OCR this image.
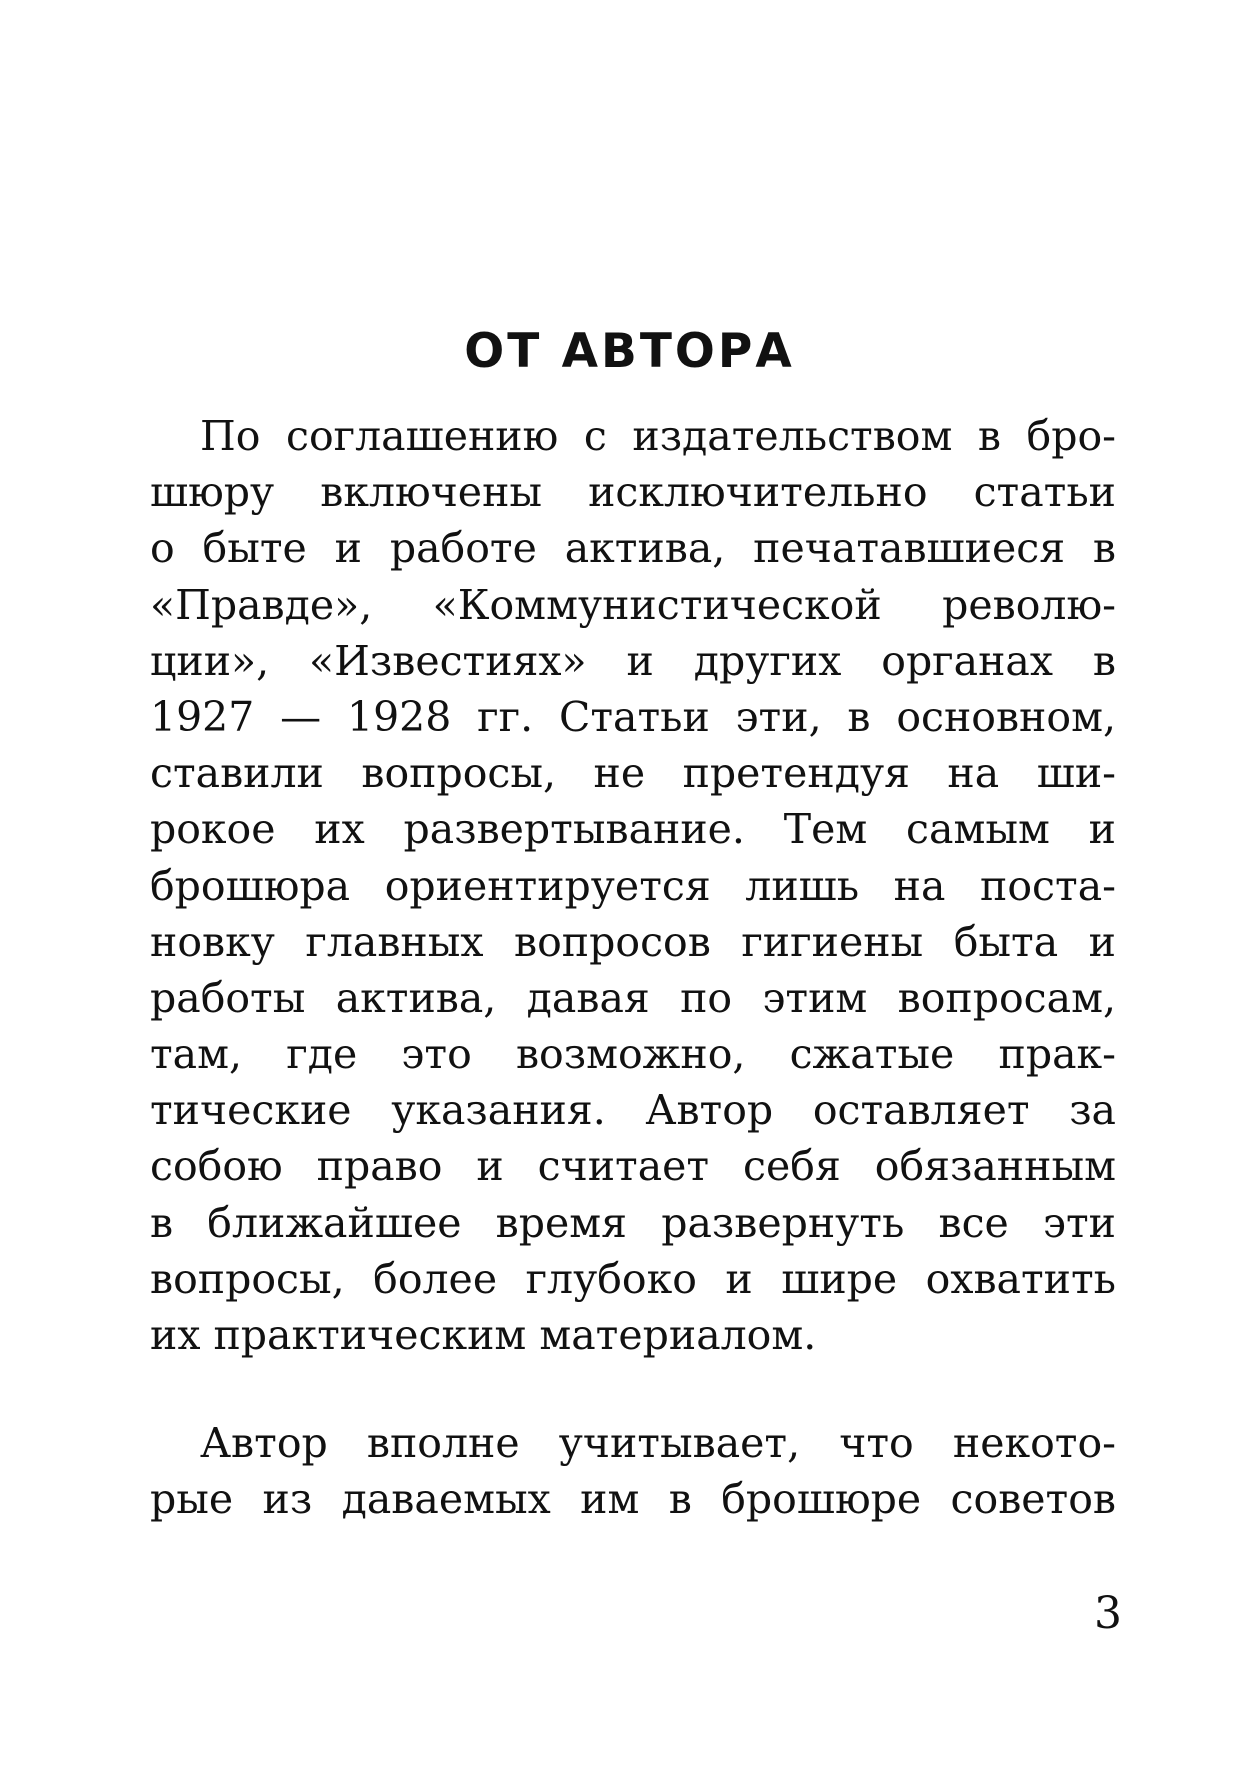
ОТ АВТОРА
По соглашению с издательством в бро-
шюру включены исключительно статьи
о быте и работе актива, печатавшиеся в
«Правде», «Коммунистической револю-
ции», «Известиях» и других органах в
1927 — 1928 гг. Статьи эти, в основном,
ставили вопросы, не претендуя на ши-
рокое их развертывание. Тем самым и
брошюра ориентируется лишь на поста-
новку главных вопросов гигиены быта и
работы актива, давая по этим вопросам,
там, где это возможно, сжатые прак-
тические указания. Автор оставляет за
собою право и считает себя обязанным
в ближайшее время развернуть все эти
вопросы, более глубоко и шире охватить
их практическим материалом.
Автор вполне учитывает, что некото-
рые из даваемых им в брошюре советов
3
